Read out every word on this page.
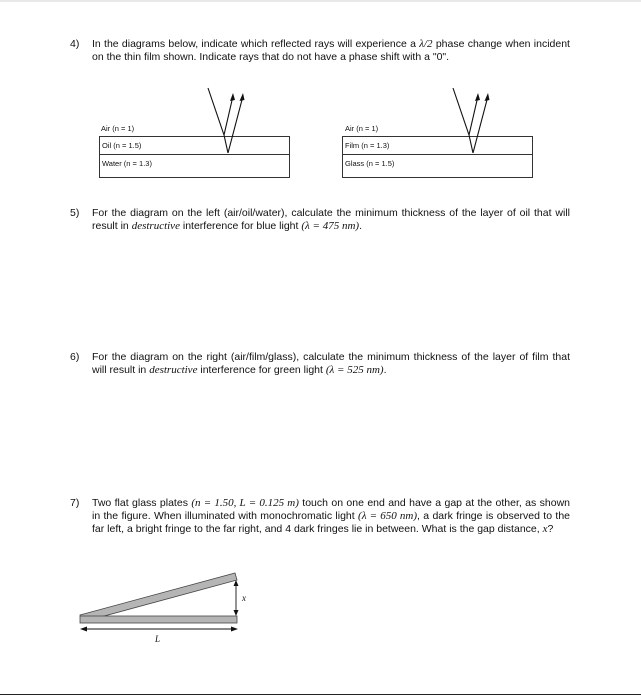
4) In the diagrams below, indicate which reflected rays will experience a λ/2 phase change when incident on the thin film shown. Indicate rays that do not have a phase shift with a "0".
Air (n = 1)
Oil (n = 1.5)
Water (n = 1.3)
Air (n = 1)
Film (n = 1.3)
Glass (n = 1.5)
5) For the diagram on the left (air/oil/water), calculate the minimum thickness of the layer of oil that will result in destructive interference for blue light (λ = 475 nm).
6) For the diagram on the right (air/film/glass), calculate the minimum thickness of the layer of film that will result in destructive interference for green light (λ = 525 nm).
7) Two flat glass plates (n = 1.50, L = 0.125 m) touch on one end and have a gap at the other, as shown in the figure. When illuminated with monochromatic light (λ = 650 nm), a dark fringe is observed to the far left, a bright fringe to the far right, and 4 dark fringes lie in between. What is the gap distance, x?
x
L
